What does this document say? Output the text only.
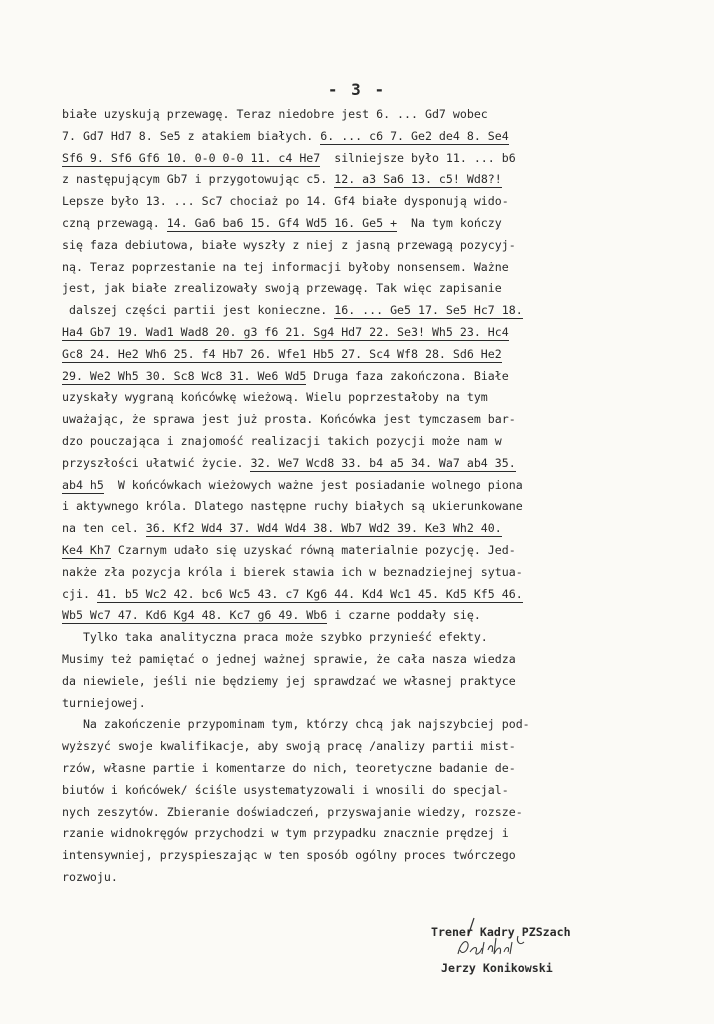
- 3 -
białe uzyskują przewagę. Teraz niedobre jest 6. ... Gd7 wobec
7. Gd7 Hd7 8. Se5 z atakiem białych. 6. ... c6 7. Ge2 de4 8. Se4
Sf6 9. Sf6 Gf6 10. 0-0 0-0 11. c4 He7  silniejsze było 11. ... b6
z następującym Gb7 i przygotowując c5. 12. a3 Sa6 13. c5! Wd8?!
Lepsze było 13. ... Sc7 chociaż po 14. Gf4 białe dysponują wido-
czną przewagą. 14. Ga6 ba6 15. Gf4 Wd5 16. Ge5 +  Na tym kończy
się faza debiutowa, białe wyszły z niej z jasną przewagą pozycyj-
ną. Teraz poprzestanie na tej informacji byłoby nonsensem. Ważne
jest, jak białe zrealizowały swoją przewagę. Tak więc zapisanie
dalszej części partii jest konieczne. 16. ... Ge5 17. Se5 Hc7 18.
Ha4 Gb7 19. Wad1 Wad8 20. g3 f6 21. Sg4 Hd7 22. Se3! Wh5 23. Hc4
Gc8 24. He2 Wh6 25. f4 Hb7 26. Wfe1 Hb5 27. Sc4 Wf8 28. Sd6 He2
29. We2 Wh5 30. Sc8 Wc8 31. We6 Wd5 Druga faza zakończona. Białe
uzyskały wygraną końcówkę wieżową. Wielu poprzestałoby na tym
uważając, że sprawa jest już prosta. Końcówka jest tymczasem bar-
dzo pouczająca i znajomość realizacji takich pozycji może nam w
przyszłości ułatwić życie. 32. We7 Wcd8 33. b4 a5 34. Wa7 ab4 35.
ab4 h5  W końcówkach wieżowych ważne jest posiadanie wolnego piona
i aktywnego króla. Dlatego następne ruchy białych są ukierunkowane
na ten cel. 36. Kf2 Wd4 37. Wd4 Wd4 38. Wb7 Wd2 39. Ke3 Wh2 40.
Ke4 Kh7 Czarnym udało się uzyskać równą materialnie pozycję. Jed-
nakże zła pozycja króla i bierek stawia ich w beznadziejnej sytua-
cji. 41. b5 Wc2 42. bc6 Wc5 43. c7 Kg6 44. Kd4 Wc1 45. Kd5 Kf5 46.
Wb5 Wc7 47. Kd6 Kg4 48. Kc7 g6 49. Wb6 i czarne poddały się.
Tylko taka analityczna praca może szybko przynieść efekty.
Musimy też pamiętać o jednej ważnej sprawie, że cała nasza wiedza
da niewiele, jeśli nie będziemy jej sprawdzać we własnej praktyce
turniejowej.
Na zakończenie przypominam tym, którzy chcą jak najszybciej pod-
wyższyć swoje kwalifikacje, aby swoją pracę /analizy partii mist-
rzów, własne partie i komentarze do nich, teoretyczne badanie de-
biutów i końcówek/ ściśle usystematyzowali i wnosili do specjal-
nych zeszytów. Zbieranie doświadczeń, przyswajanie wiedzy, rozsze-
rzanie widnokręgów przychodzi w tym przypadku znacznie prędzej i
intensywniej, przyspieszając w ten sposób ogólny proces twórczego
rozwoju.

Trener Kadry PZSzach

Jerzy Konikowski
